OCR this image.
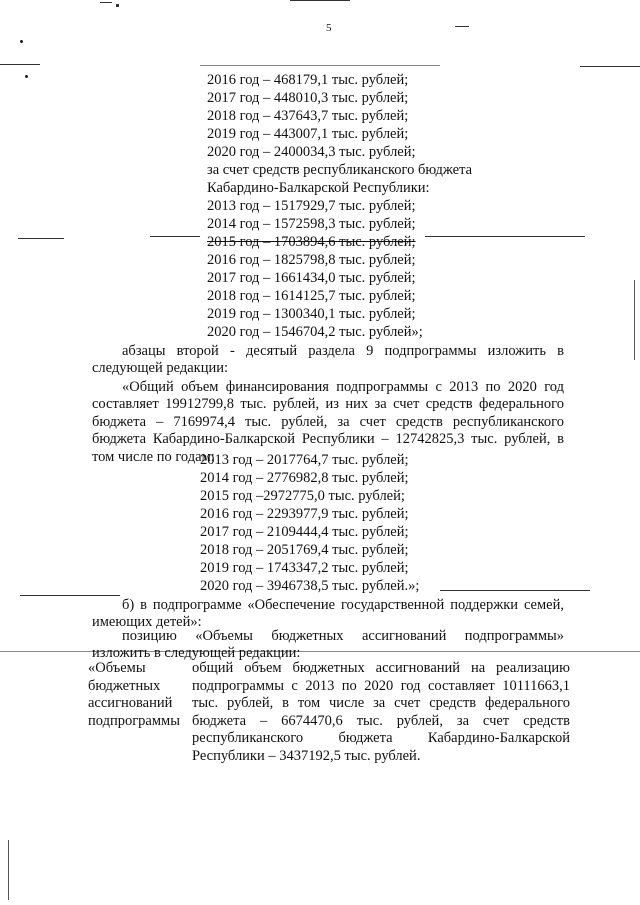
5
2016 год – 468179,1 тыс. рублей;
2017 год – 448010,3 тыс. рублей;
2018 год – 437643,7 тыс. рублей;
2019 год – 443007,1 тыс. рублей;
2020 год – 2400034,3 тыс. рублей;
за счет средств республиканского бюджета
Кабардино-Балкарской Республики:
2013 год – 1517929,7 тыс. рублей;
2014 год – 1572598,3 тыс. рублей;
2015 год – 1703894,6 тыс. рублей;
2016 год – 1825798,8 тыс. рублей;
2017 год – 1661434,0 тыс. рублей;
2018 год – 1614125,7 тыс. рублей;
2019 год – 1300340,1 тыс. рублей;
2020 год – 1546704,2 тыс. рублей»;
абзацы второй - десятый раздела 9 подпрограммы изложить в следующей редакции:
«Общий объем финансирования подпрограммы с 2013 по 2020 год составляет 19912799,8 тыс. рублей, из них за счет средств федерального бюджета – 7169974,4 тыс. рублей, за счет средств республиканского бюджета Кабардино-Балкарской Республики – 12742825,3 тыс. рублей, в том числе по годам:
2013 год – 2017764,7 тыс. рублей;
2014 год – 2776982,8 тыс. рублей;
2015 год –2972775,0 тыс. рублей;
2016 год – 2293977,9 тыс. рублей;
2017 год – 2109444,4 тыс. рублей;
2018 год – 2051769,4 тыс. рублей;
2019 год – 1743347,2 тыс. рублей;
2020 год – 3946738,5 тыс. рублей.»;
б) в подпрограмме «Обеспечение государственной поддержки семей, имеющих детей»:
позицию «Объемы бюджетных ассигнований подпрограммы» изложить в следующей редакции:
«Объемы бюджетных ассигнований подпрограммы
общий объем бюджетных ассигнований на реализацию подпрограммы с 2013 по 2020 год составляет 10111663,1 тыс. рублей, в том числе за счет средств федерального бюджета – 6674470,6 тыс. рублей, за счет средств республиканского бюджета Кабардино-Балкарской Республики – 3437192,5 тыс. рублей.
